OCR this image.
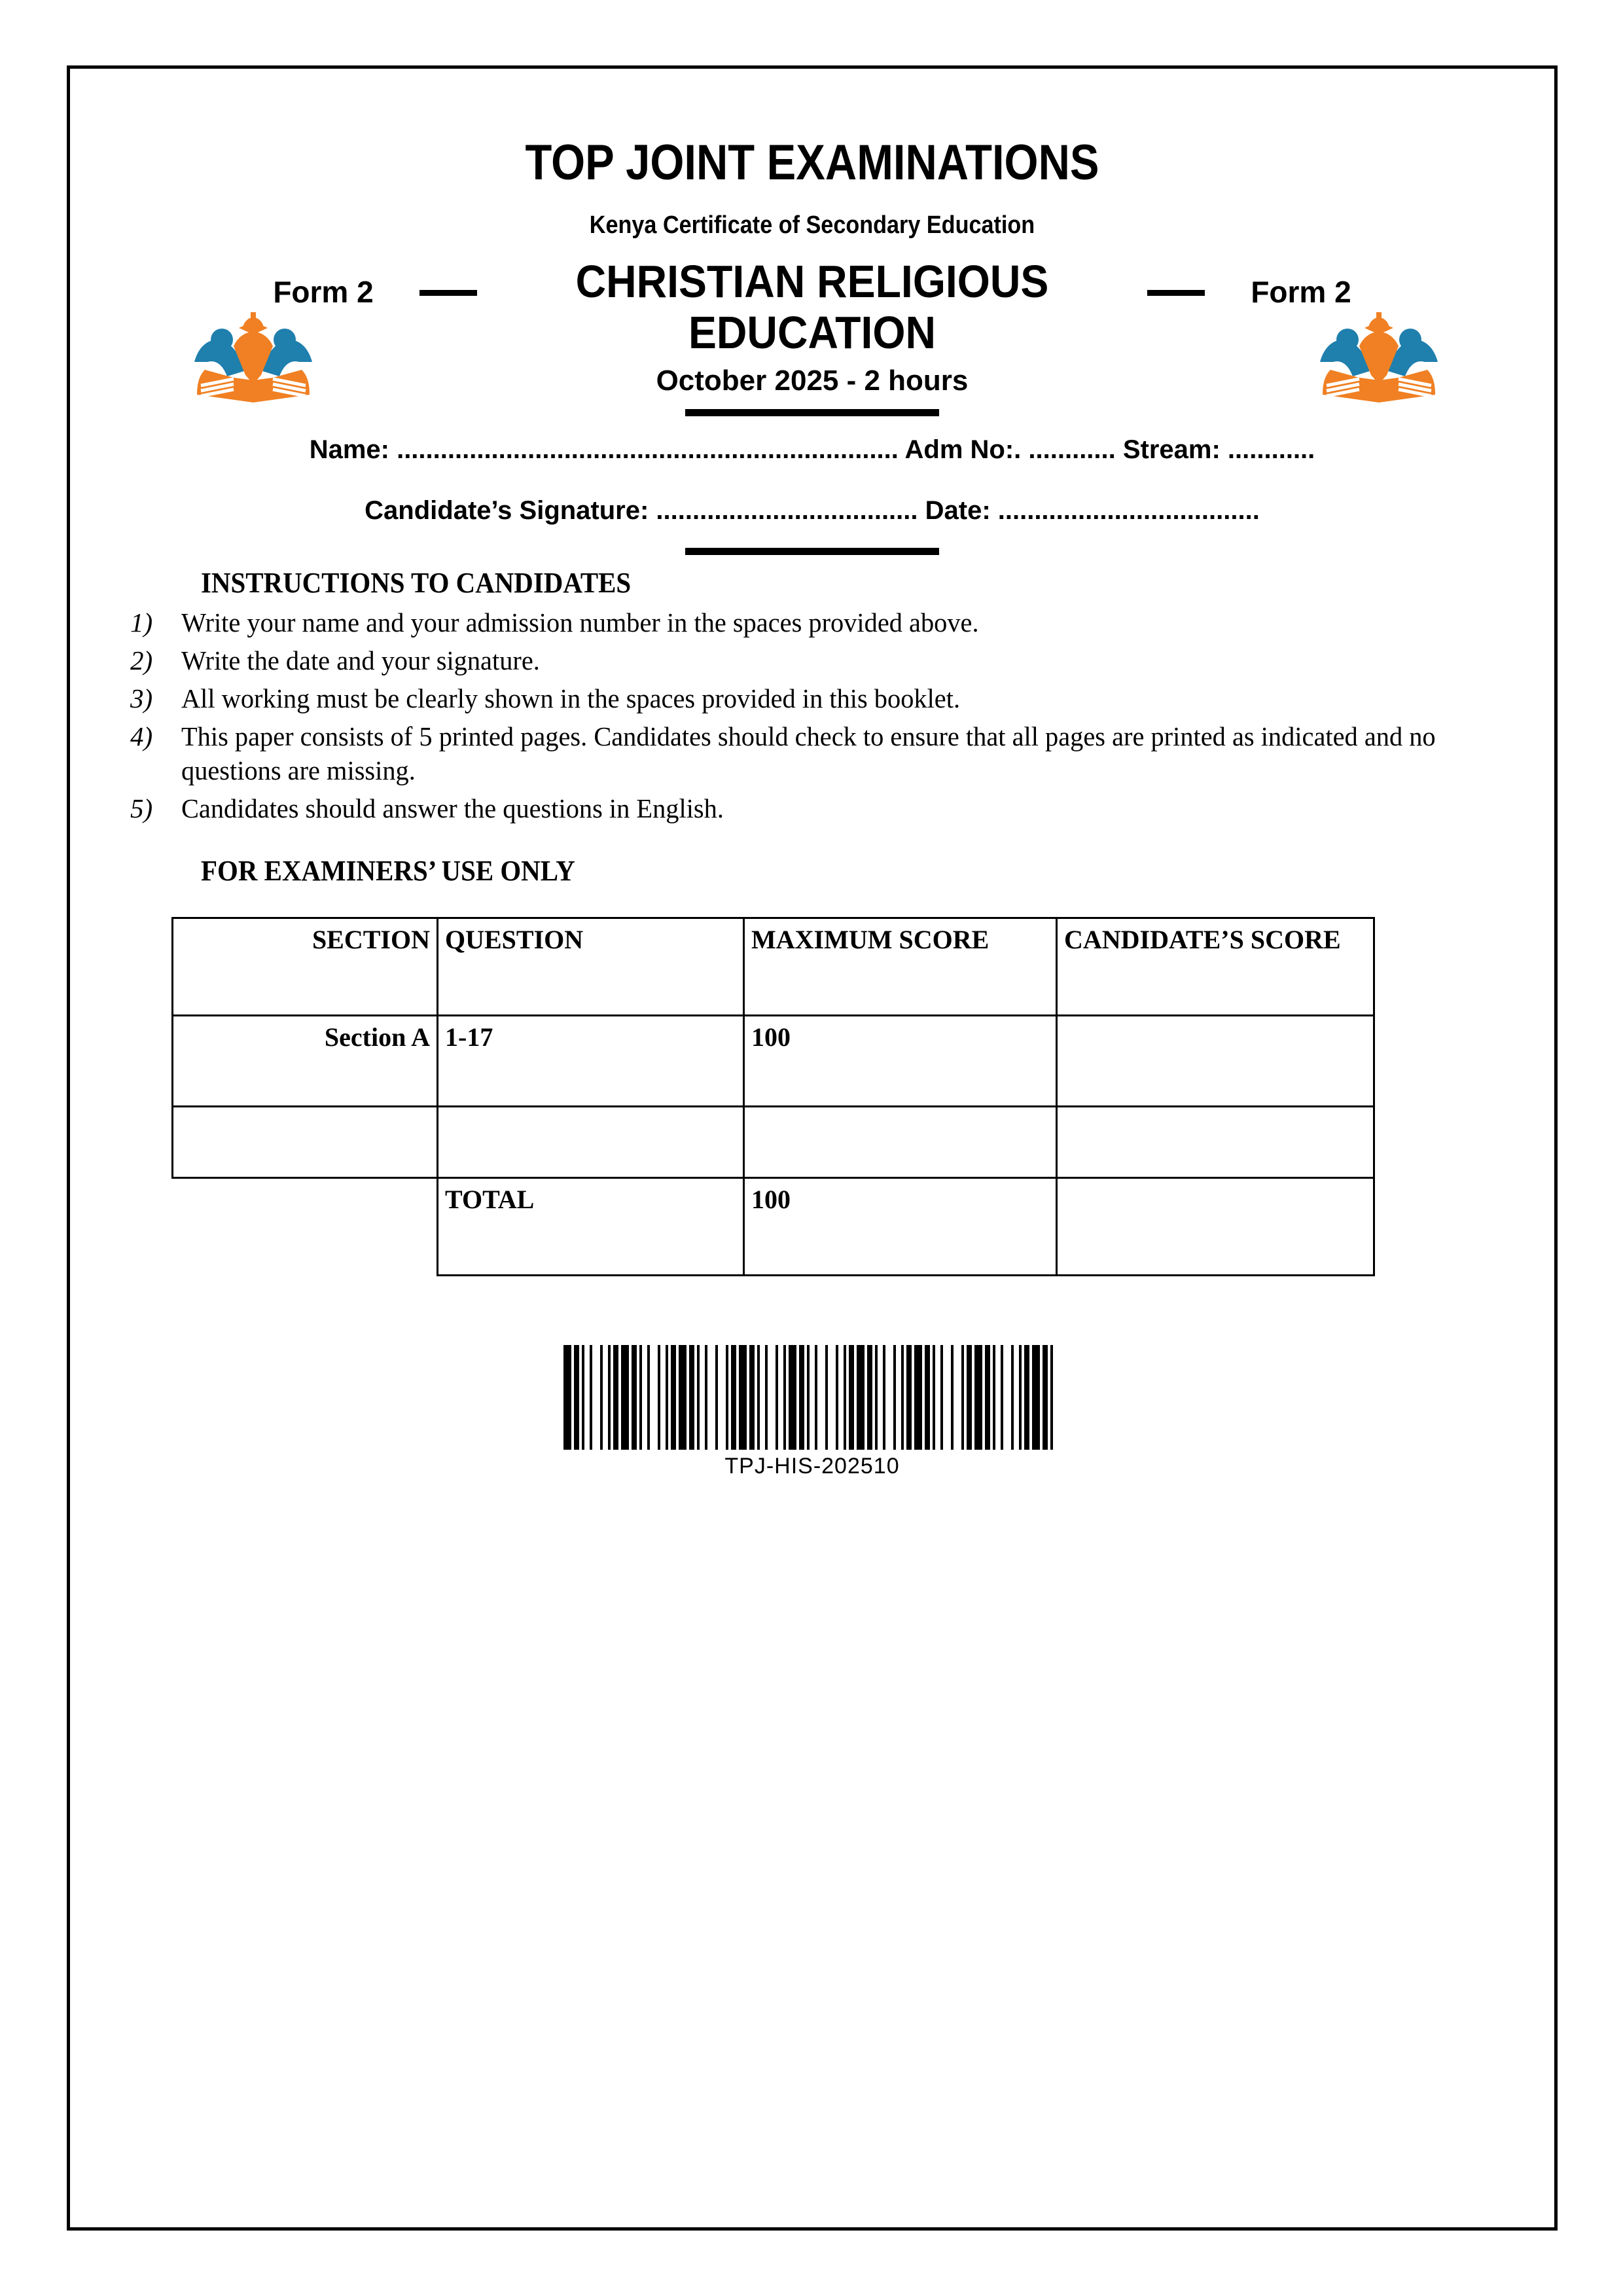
TOP JOINT EXAMINATIONS
Kenya Certificate of Secondary Education
Form 2	CHRISTIAN RELIGIOUS EDUCATION
Form 2
October 2025 - 2 hours
Name: ..................................................................... Adm No:. ............ Stream: ............
Candidate’s Signature: .................................... Date: ....................................
INSTRUCTIONS TO CANDIDATES
1)	Write your name and your admission number in the spaces provided above.
2)	Write the date and your signature.
3)	All working must be clearly shown in the spaces provided in this booklet.
4)	This paper consists of 5 printed pages. Candidates should check to ensure that all pages are printed as indicated and no questions are missing.
5)	Candidates should answer the questions in English.
FOR EXAMINERS’ USE ONLY
SECTION	QUESTION	MAXIMUM SCORE	CANDIDATE’S SCORE
Section A	1-17	100	

	TOTAL	100	
TPJ-HIS-202510
